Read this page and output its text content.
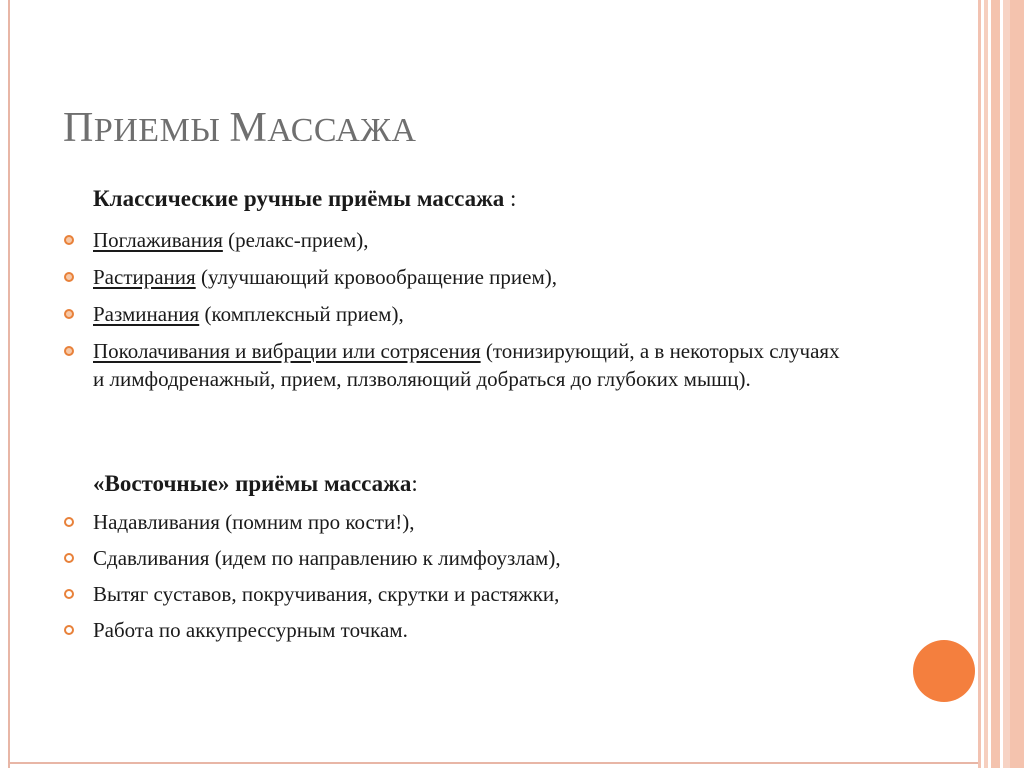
ПРИЕМЫ МАССАЖА
Классические ручные приёмы массажа :
Поглаживания (релакс-прием),
Растирания (улучшающий кровообращение прием),
Разминания (комплексный прием),
Поколачивания и вибрации или сотрясения (тонизирующий, а в некоторых случаях и лимфодренажный, прием, плзволяющий добраться до глубоких мышц).
«Восточные» приёмы массажа:
Надавливания (помним про кости!),
Сдавливания (идем по направлению к лимфоузлам),
Вытяг суставов, покручивания, скрутки и растяжки,
Работа по аккупрессурным точкам.
